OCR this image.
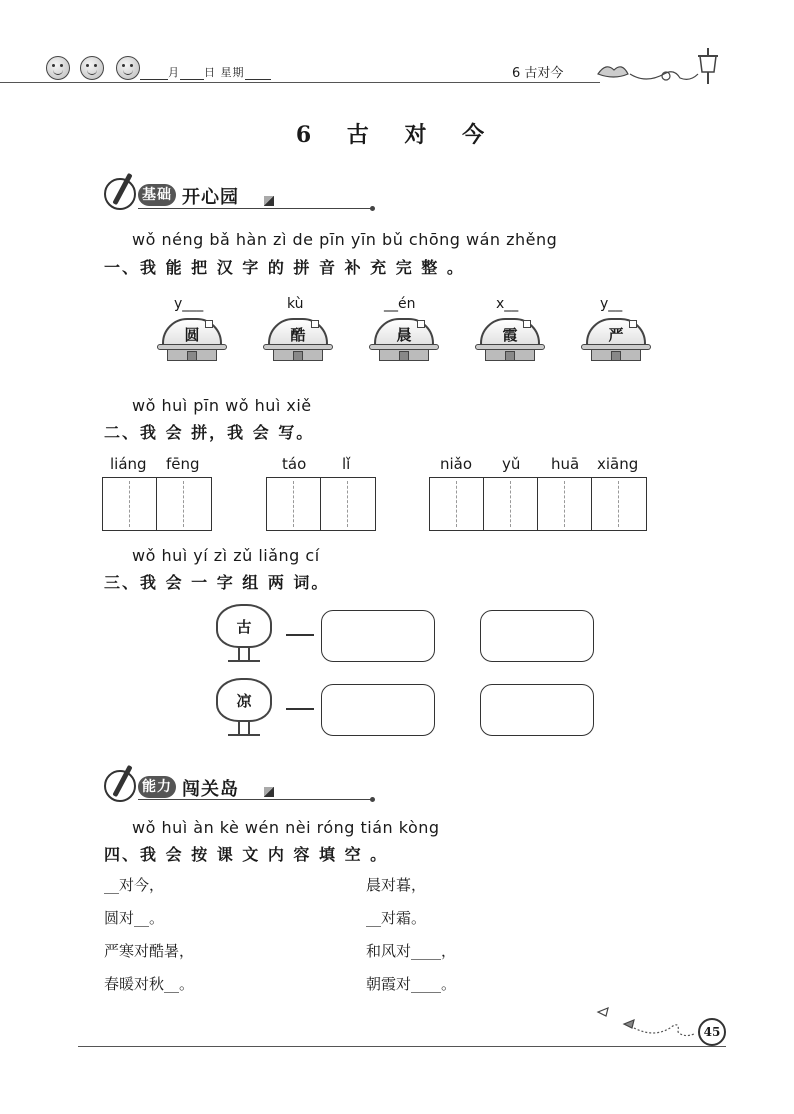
月 日 星期	6 古对今
6 古 对 今
基础 开心园
wǒ néng bǎ hàn zì de pīn yīn bǔ chōng wán zhěng
一、我 能 把 汉 字 的 拼 音 补 充 完 整 。
y___	kù	__én	x__	y__
圆	酷	晨	霞	严
wǒ huì pīn wǒ huì xiě
二、我 会 拼，我 会 写。
liáng fēng	táo lǐ	niǎo yǔ huā xiāng
wǒ huì yí zì zǔ liǎng cí
三、我 会 一 字 组 两 词。
古
凉
能力 闯关岛
wǒ huì àn kè wén nèi róng tián kòng
四、我 会 按 课 文 内 容 填 空 。
__对今，
圆对__。
严寒对酷暑，
春暖对秋__。
晨对暮，
__对霜。
和风对____，
朝霞对____。
45
